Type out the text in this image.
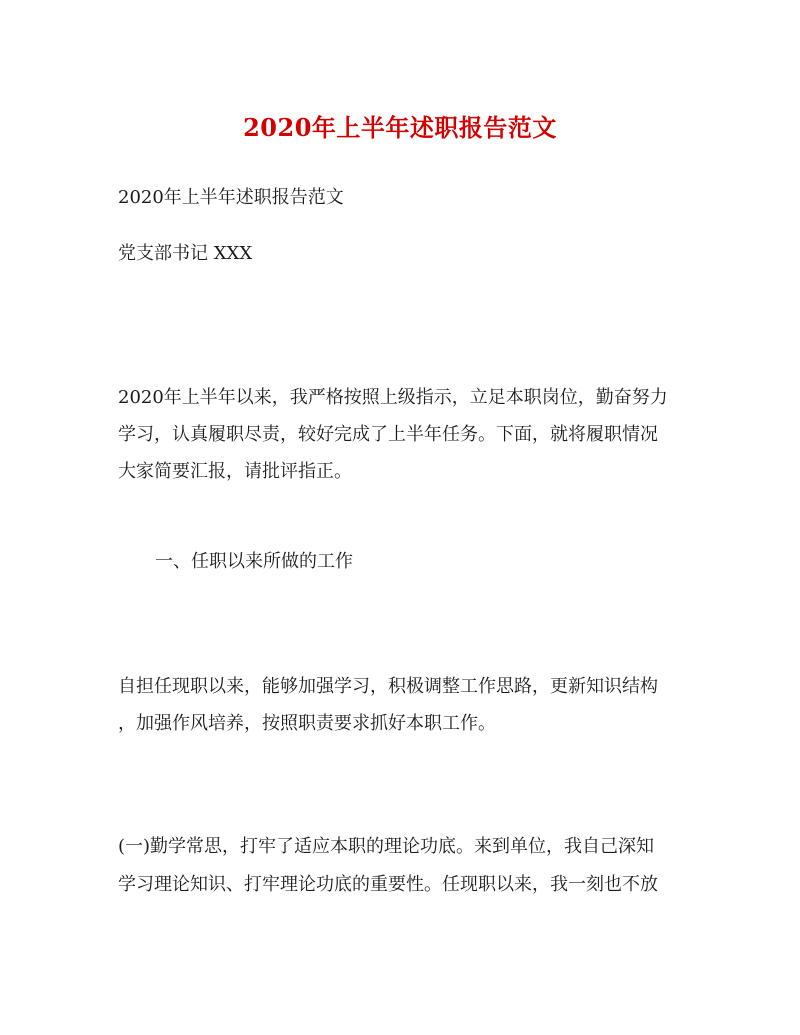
2020年上半年述职报告范文
2020年上半年述职报告范文
党支部书记 XXX
2020年上半年以来，我严格按照上级指示，立足本职岗位，勤奋努力
学习，认真履职尽责，较好完成了上半年任务。下面，就将履职情况
大家简要汇报，请批评指正。
一、任职以来所做的工作
自担任现职以来，能够加强学习，积极调整工作思路，更新知识结构
，加强作风培养，按照职责要求抓好本职工作。
(一)勤学常思，打牢了适应本职的理论功底。来到单位，我自己深知
学习理论知识、打牢理论功底的重要性。任现职以来，我一刻也不放
